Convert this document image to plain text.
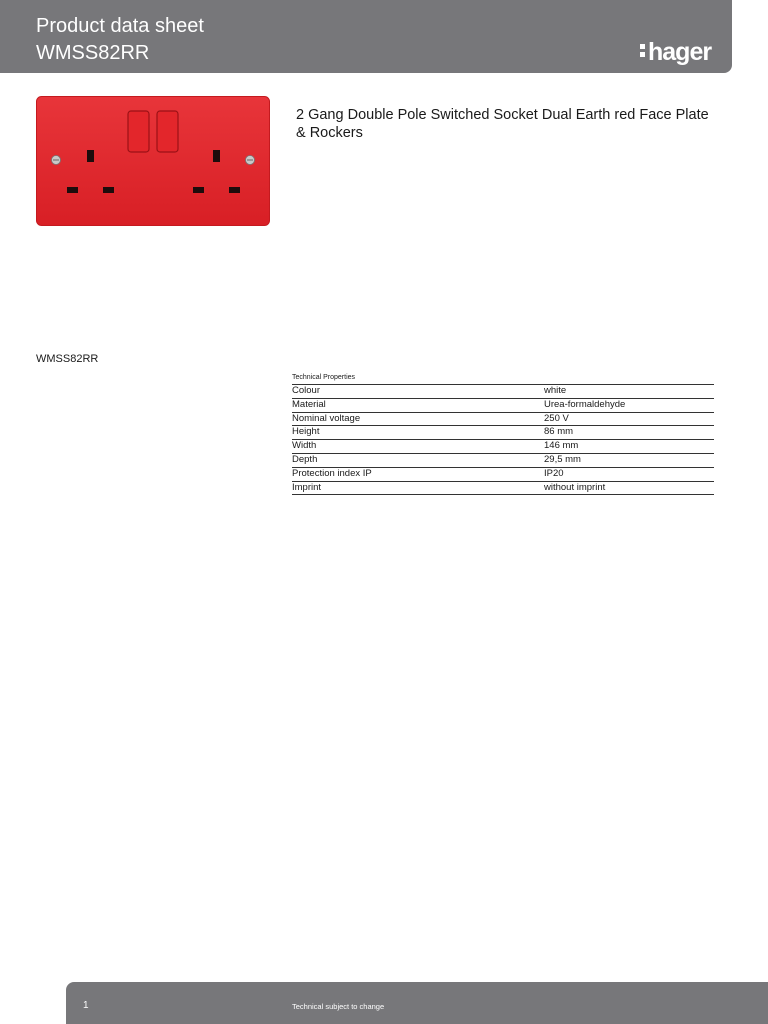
Product data sheet
WMSS82RR	hager
2 Gang Double Pole Switched Socket Dual Earth red Face Plate & Rockers
WMSS82RR
Technical Properties
Colour	white
Material	Urea-formaldehyde
Nominal voltage	250 V
Height	86 mm
Width	146 mm
Depth	29,5 mm
Protection index IP	IP20
Imprint	without imprint
1	Technical subject to change
